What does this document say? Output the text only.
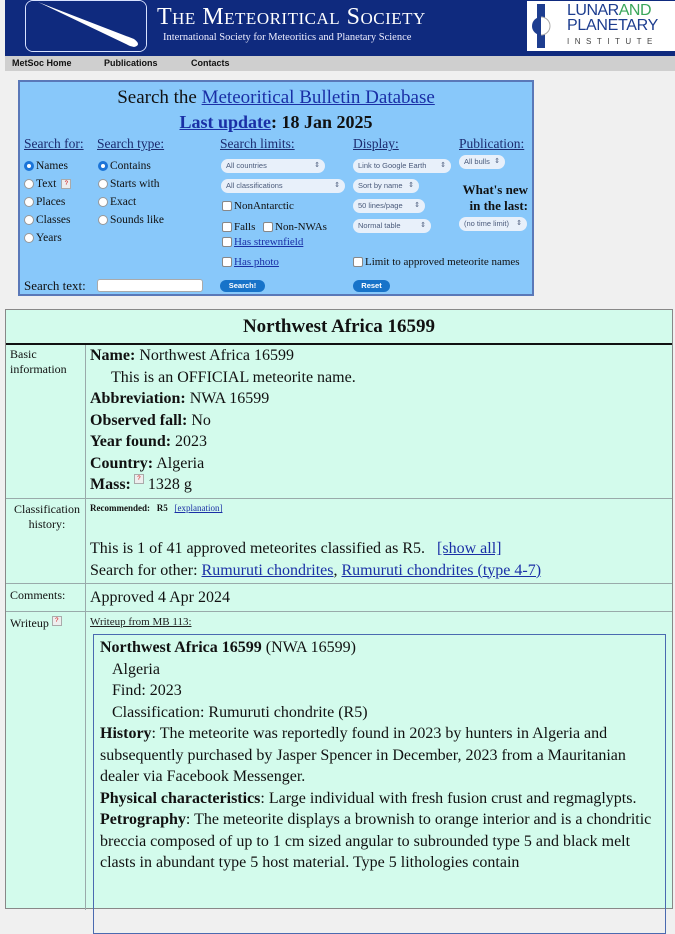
The Meteoritical Society
International Society for Meteoritics and Planetary Science
LUNARAND
PLANETARY
INSTITUTE
MetSoc Home	Publications	Contacts
Search the Meteoritical Bulletin Database
Last update: 18 Jan 2025
Search for: Search type:	Search limits:	Display:	Publication:
Names
Text	?
Places
Classes
Years
Contains
Starts with
Exact
Sounds like
All countries	⇕
All classifications	⇕
NonAntarctic
Falls Non-NWAs
Has strewnfield
Has photo
Link to Google Earth ⇕
Sort by name ⇕
50 lines/page ⇕
Normal table	⇕
All bulls ⇕
What's new
in the last:
(no time limit) ⇕
Limit to approved meteorite names
Search text:	Search!	Reset
Northwest Africa 16599
Basic information
Name: Northwest Africa 16599
This is an OFFICIAL meteorite name.
Abbreviation: NWA 16599
Observed fall: No
Year found: 2023
Country: Algeria
Mass: ? 1328 g
Classification
history:
Recommended: R5 [explanation]
This is 1 of 41 approved meteorites classified as R5. [show all]
Search for other: Rumuruti chondrites, Rumuruti chondrites (type 4-7)
Comments: Approved 4 Apr 2024
Writeup ?	Writeup from MB 113:
Northwest Africa 16599 (NWA 16599)
Algeria
Find: 2023
Classification: Rumuruti chondrite (R5)
History: The meteorite was reportedly found in 2023 by hunters in Algeria and subsequently purchased by Jasper Spencer in December, 2023 from a Mauritanian dealer via Facebook Messenger.
Physical characteristics: Large individual with fresh fusion crust and regmaglypts.
Petrography: The meteorite displays a brownish to orange interior and is a chondritic breccia composed of up to 1 cm sized angular to subrounded type 5 and black melt clasts in abundant type 5 host material. Type 5 lithologies contain
